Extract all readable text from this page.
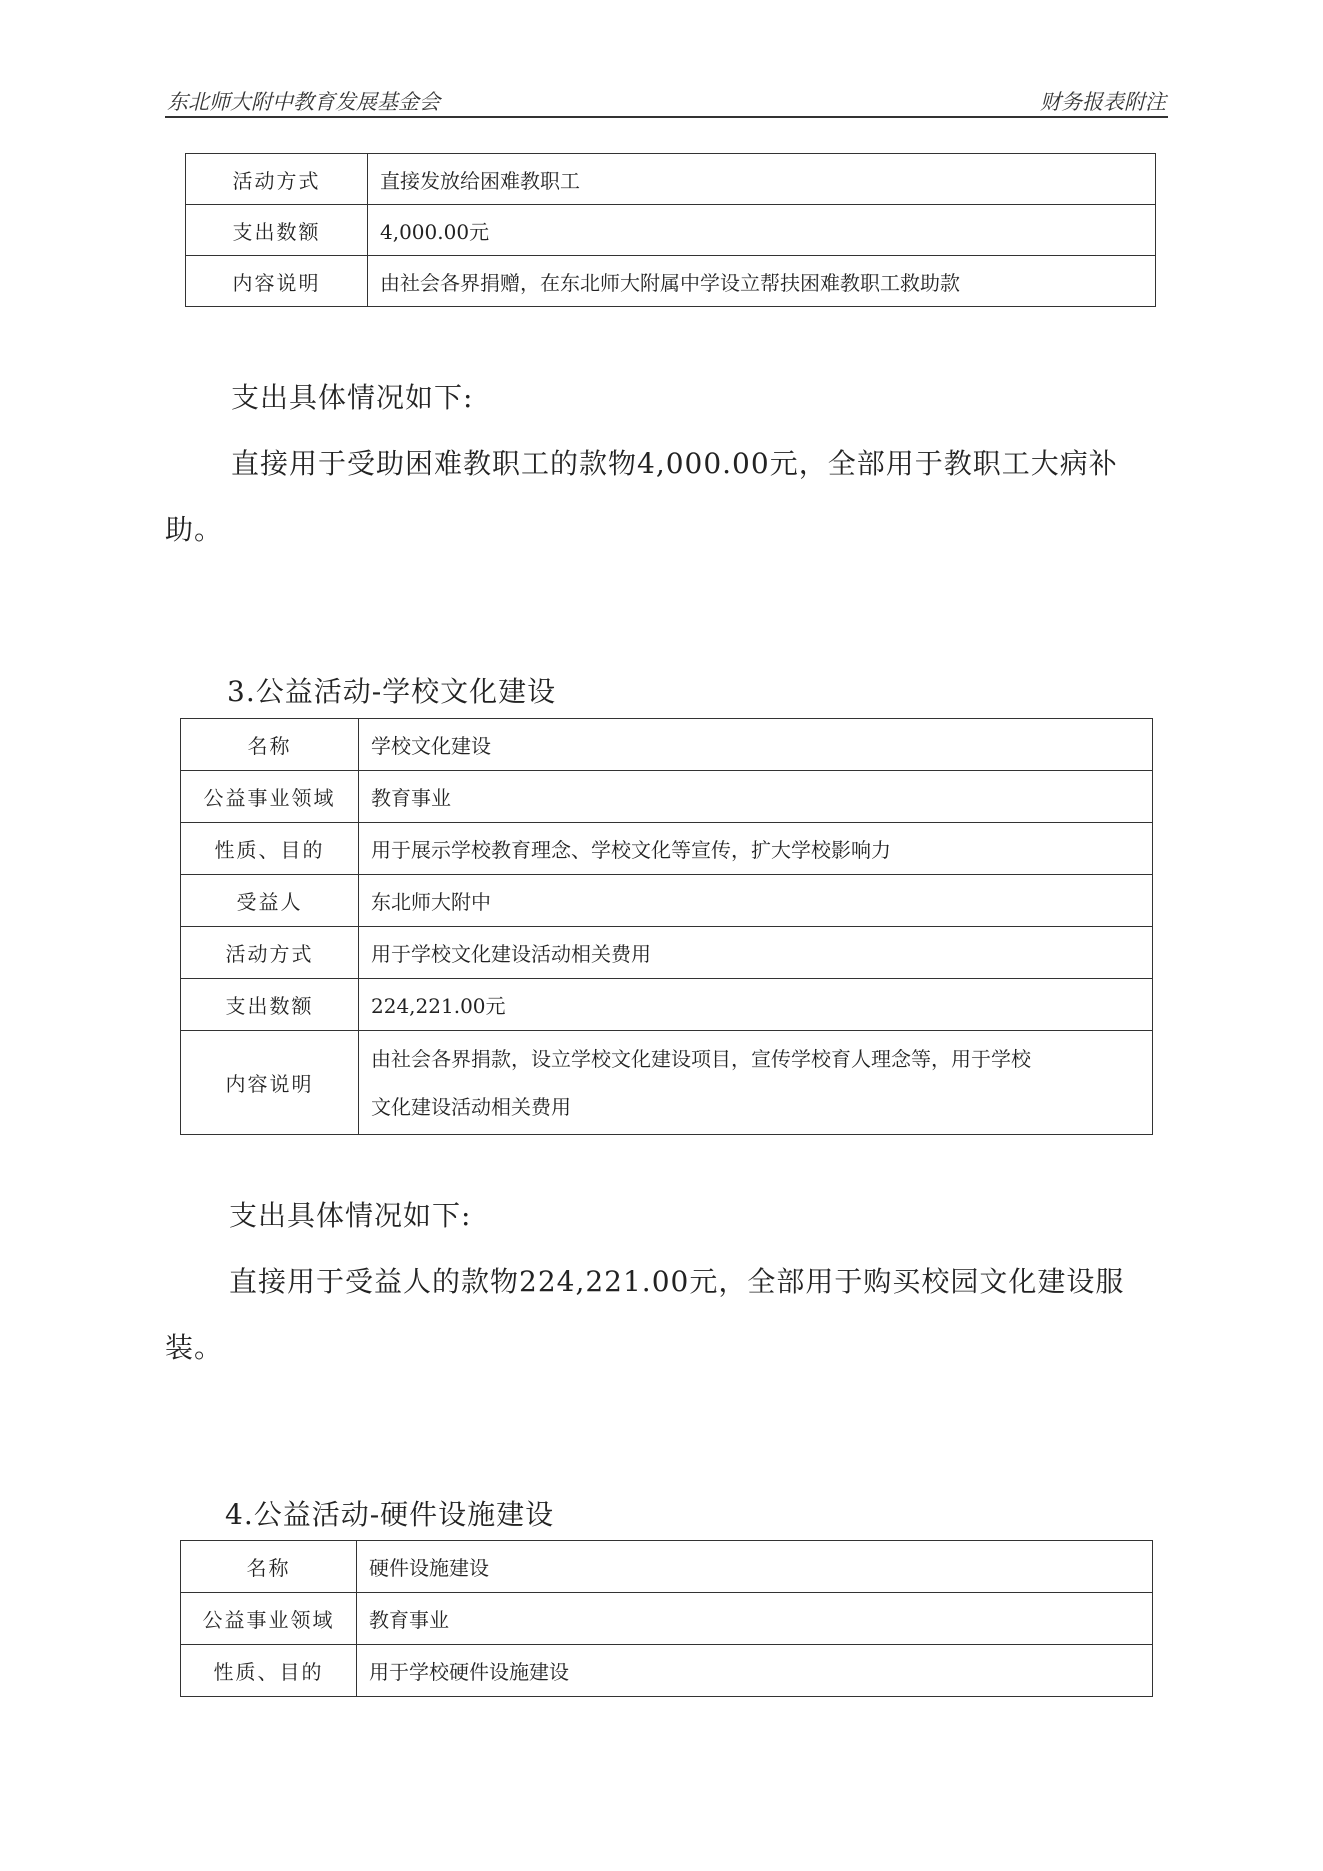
东北师大附中教育发展基金会	财务报表附注
活动方式	直接发放给困难教职工
支出数额	4,000.00元
内容说明	由社会各界捐赠，在东北师大附属中学设立帮扶困难教职工救助款
支出具体情况如下:
直接用于受助困难教职工的款物4,000.00元，全部用于教职工大病补
助。
3.公益活动-学校文化建设
名称	学校文化建设
公益事业领域	教育事业
性质、目的	用于展示学校教育理念、学校文化等宣传，扩大学校影响力
受益人	东北师大附中
活动方式	用于学校文化建设活动相关费用
支出数额	224,221.00元
内容说明	由社会各界捐款，设立学校文化建设项目，宣传学校育人理念等，用于学校
文化建设活动相关费用
支出具体情况如下:
直接用于受益人的款物224,221.00元，全部用于购买校园文化建设服
装。
4.公益活动-硬件设施建设
名称	硬件设施建设
公益事业领域	教育事业
性质、目的	用于学校硬件设施建设
